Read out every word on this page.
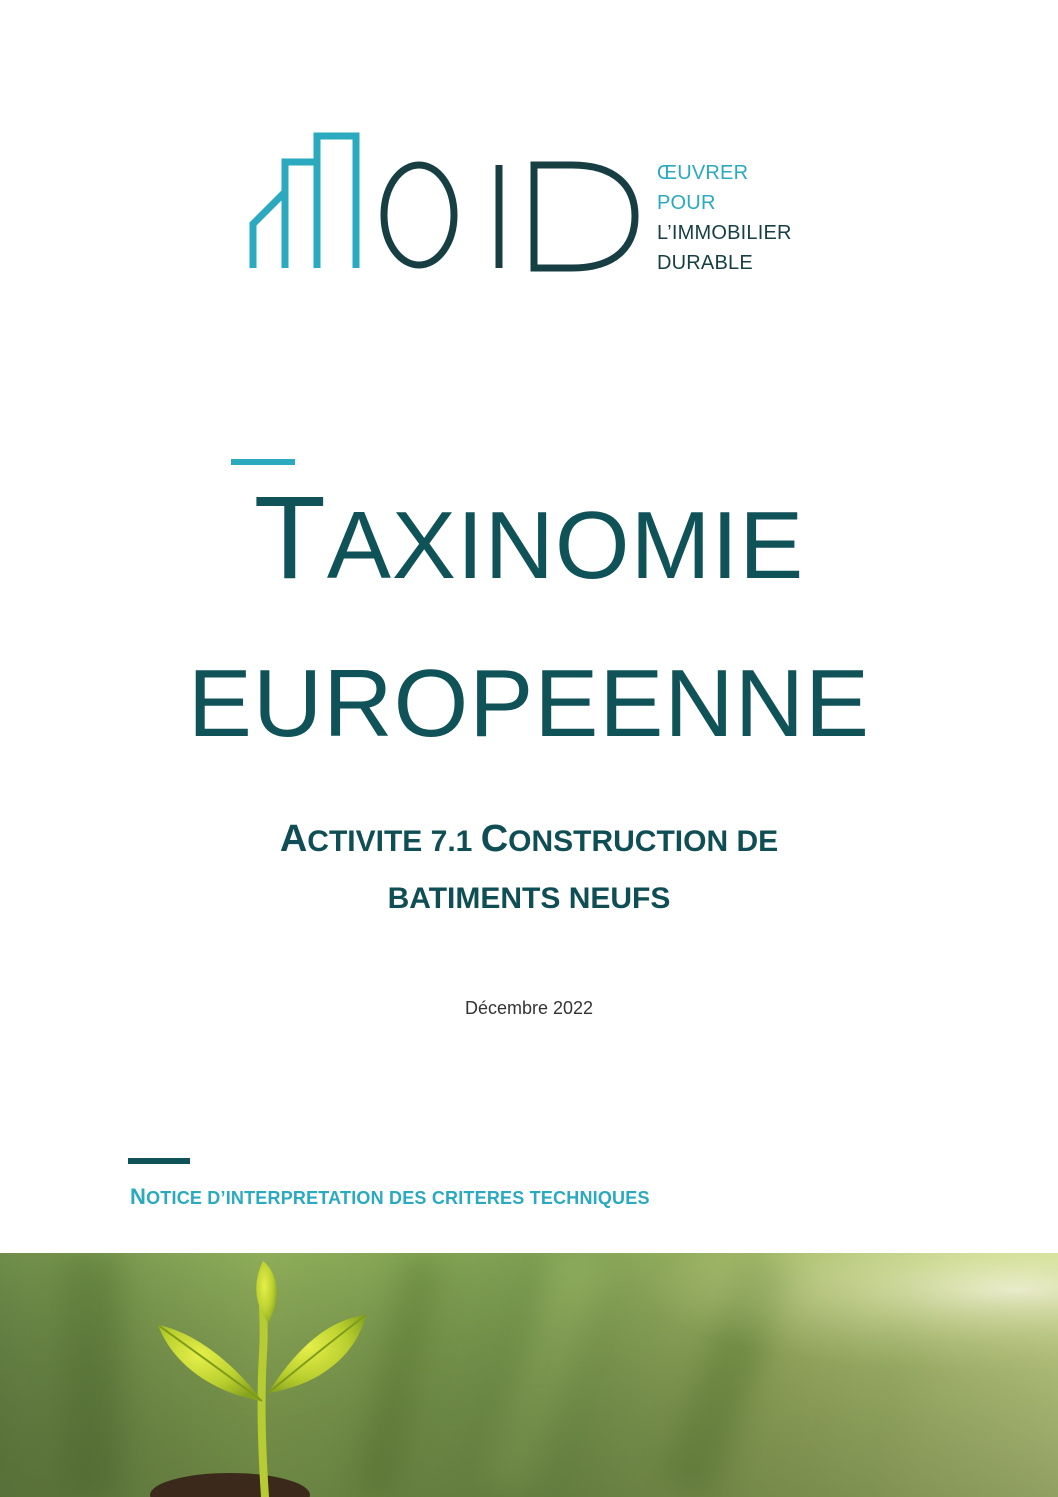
ŒUVRER
POUR
L’IMMOBILIER
DURABLE
TAXINOMIE
EUROPEENNE
ACTIVITE 7.1 CONSTRUCTION DE
BATIMENTS NEUFS
Décembre 2022
NOTICE D’INTERPRETATION DES CRITERES TECHNIQUES
